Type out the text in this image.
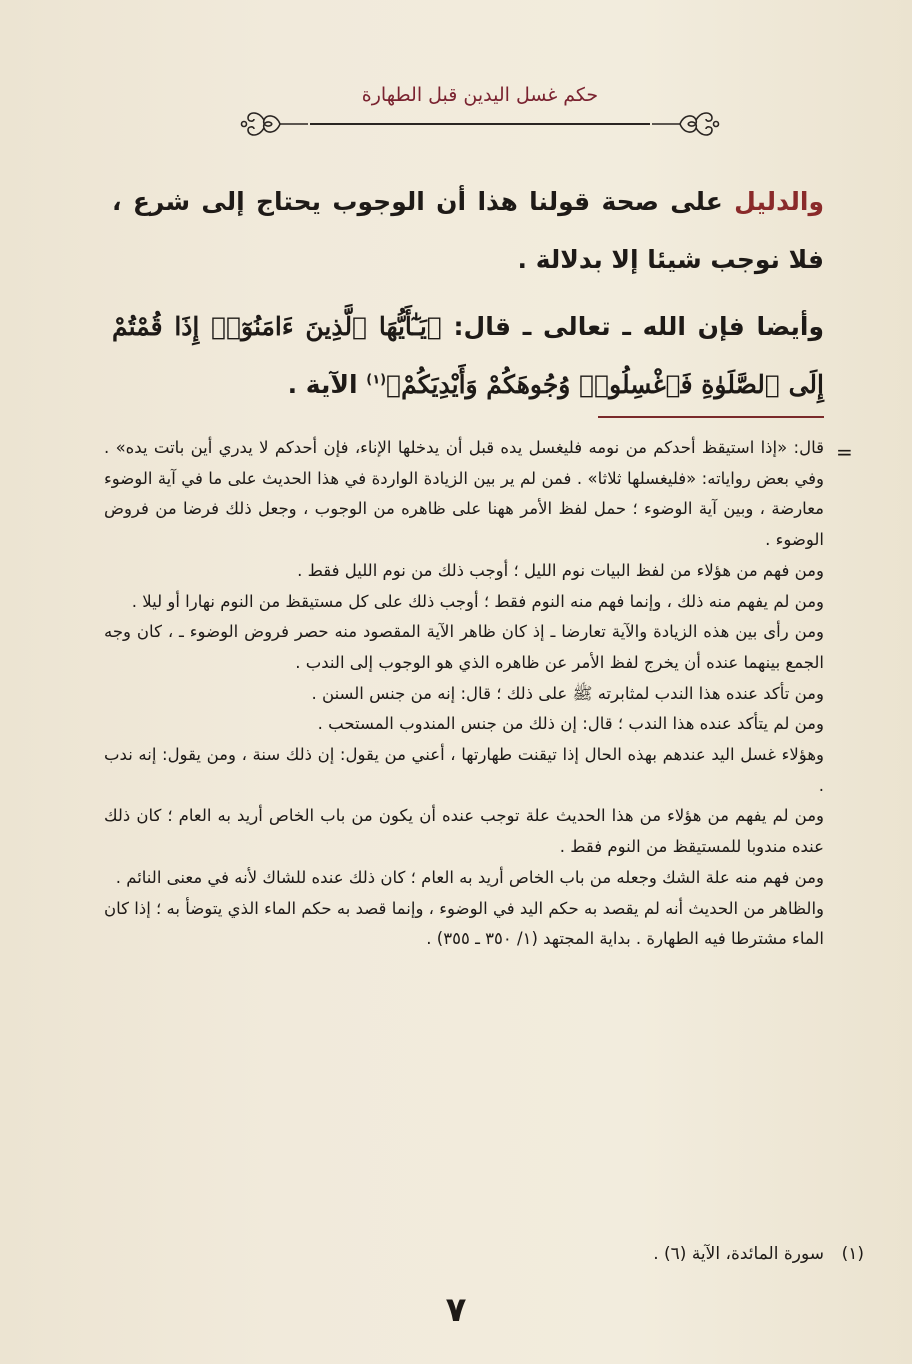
حكم غسل اليدين قبل الطهارة

والدليل على صحة قولنا هذا أن الوجوب يحتاج إلى شرع ، فلا نوجب شيئا إلا بدلالة .

وأيضا فإن الله ـ تعالى ـ قال: ﴿يَـٰٓأَيُّهَا ٱلَّذِينَ ءَامَنُوٓا۟ إِذَا قُمْتُمْ إِلَى ٱلصَّلَوٰةِ فَٱغْسِلُوا۟ وُجُوهَكُمْ وَأَيْدِيَكُمْ﴾$^{(١)}$ الآية .

=

قال: «إذا استيقظ أحدكم من نومه فليغسل يده قبل أن يدخلها الإناء، فإن أحدكم لا يدري أين باتت يده» . وفي بعض رواياته: «فليغسلها ثلاثا» . فمن لم ير بين الزيادة الواردة في هذا الحديث على ما في آية الوضوء معارضة ، وبين آية الوضوء ؛ حمل لفظ الأمر ههنا على ظاهره من الوجوب ، وجعل ذلك فرضا من فروض الوضوء .

ومن فهم من هؤلاء من لفظ البيات نوم الليل ؛ أوجب ذلك من نوم الليل فقط .

ومن لم يفهم منه ذلك ، وإنما فهم منه النوم فقط ؛ أوجب ذلك على كل مستيقظ من النوم نهارا أو ليلا .

ومن رأى بين هذه الزيادة والآية تعارضا ـ إذ كان ظاهر الآية المقصود منه حصر فروض الوضوء ـ ، كان وجه الجمع بينهما عنده أن يخرج لفظ الأمر عن ظاهره الذي هو الوجوب إلى الندب .

ومن تأكد عنده هذا الندب لمثابرته ﷺ على ذلك ؛ قال: إنه من جنس السنن .

ومن لم يتأكد عنده هذا الندب ؛ قال: إن ذلك من جنس المندوب المستحب .

وهؤلاء غسل اليد عندهم بهذه الحال إذا تيقنت طهارتها ، أعني من يقول: إن ذلك سنة ، ومن يقول: إنه ندب .

ومن لم يفهم من هؤلاء من هذا الحديث علة توجب عنده أن يكون من باب الخاص أريد به العام ؛ كان ذلك عنده مندوبا للمستيقظ من النوم فقط .

ومن فهم منه علة الشك وجعله من باب الخاص أريد به العام ؛ كان ذلك عنده للشاك لأنه في معنى النائم .

والظاهر من الحديث أنه لم يقصد به حكم اليد في الوضوء ، وإنما قصد به حكم الماء الذي يتوضأ به ؛ إذا كان الماء مشترطا فيه الطهارة . بداية المجتهد (١/ ٣٥٠ ـ ٣٥٥) .

(١)سورة المائدة، الآية (٦) .
٧
